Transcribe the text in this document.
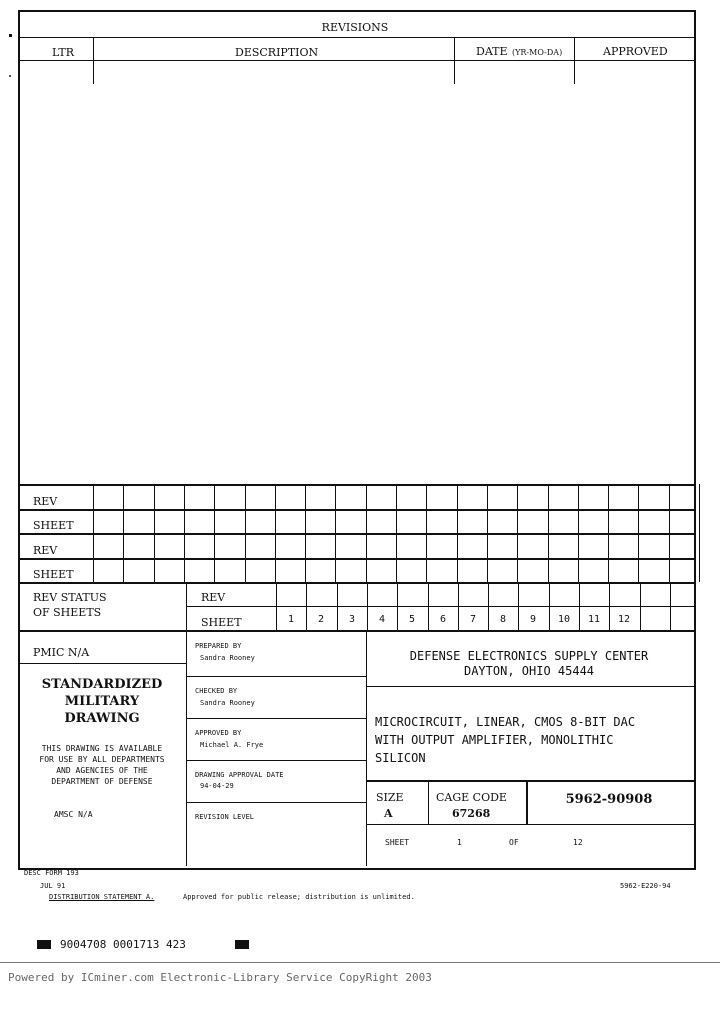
REVISIONS
LTR	DESCRIPTION	DATE (YR-MO-DA)	APPROVED
REV
SHEET
REV
SHEET
REV STATUS
OF SHEETS
REV
SHEET	1	2	3	4	5	6	7	8	9	10	11	12
PMIC N/A
STANDARDIZED
MILITARY
DRAWING
THIS DRAWING IS AVAILABLE
FOR USE BY ALL DEPARTMENTS
AND AGENCIES OF THE
DEPARTMENT OF DEFENSE
AMSC N/A
PREPARED BY
Sandra Rooney
CHECKED BY
Sandra Rooney
APPROVED BY
Michael A. Frye
DRAWING APPROVAL DATE
94-04-29
REVISION LEVEL
DEFENSE ELECTRONICS SUPPLY CENTER
DAYTON, OHIO 45444
MICROCIRCUIT, LINEAR, CMOS 8-BIT DAC
WITH OUTPUT AMPLIFIER, MONOLITHIC
SILICON
SIZE
A
CAGE CODE
67268
5962-90908
SHEET	1	OF	12
DESC FORM 193
JUL 91	5962-E220-94
DISTRIBUTION STATEMENT A.	Approved for public release; distribution is unlimited.
9004708 0001713 423
Powered by ICminer.com Electronic-Library Service CopyRight 2003
